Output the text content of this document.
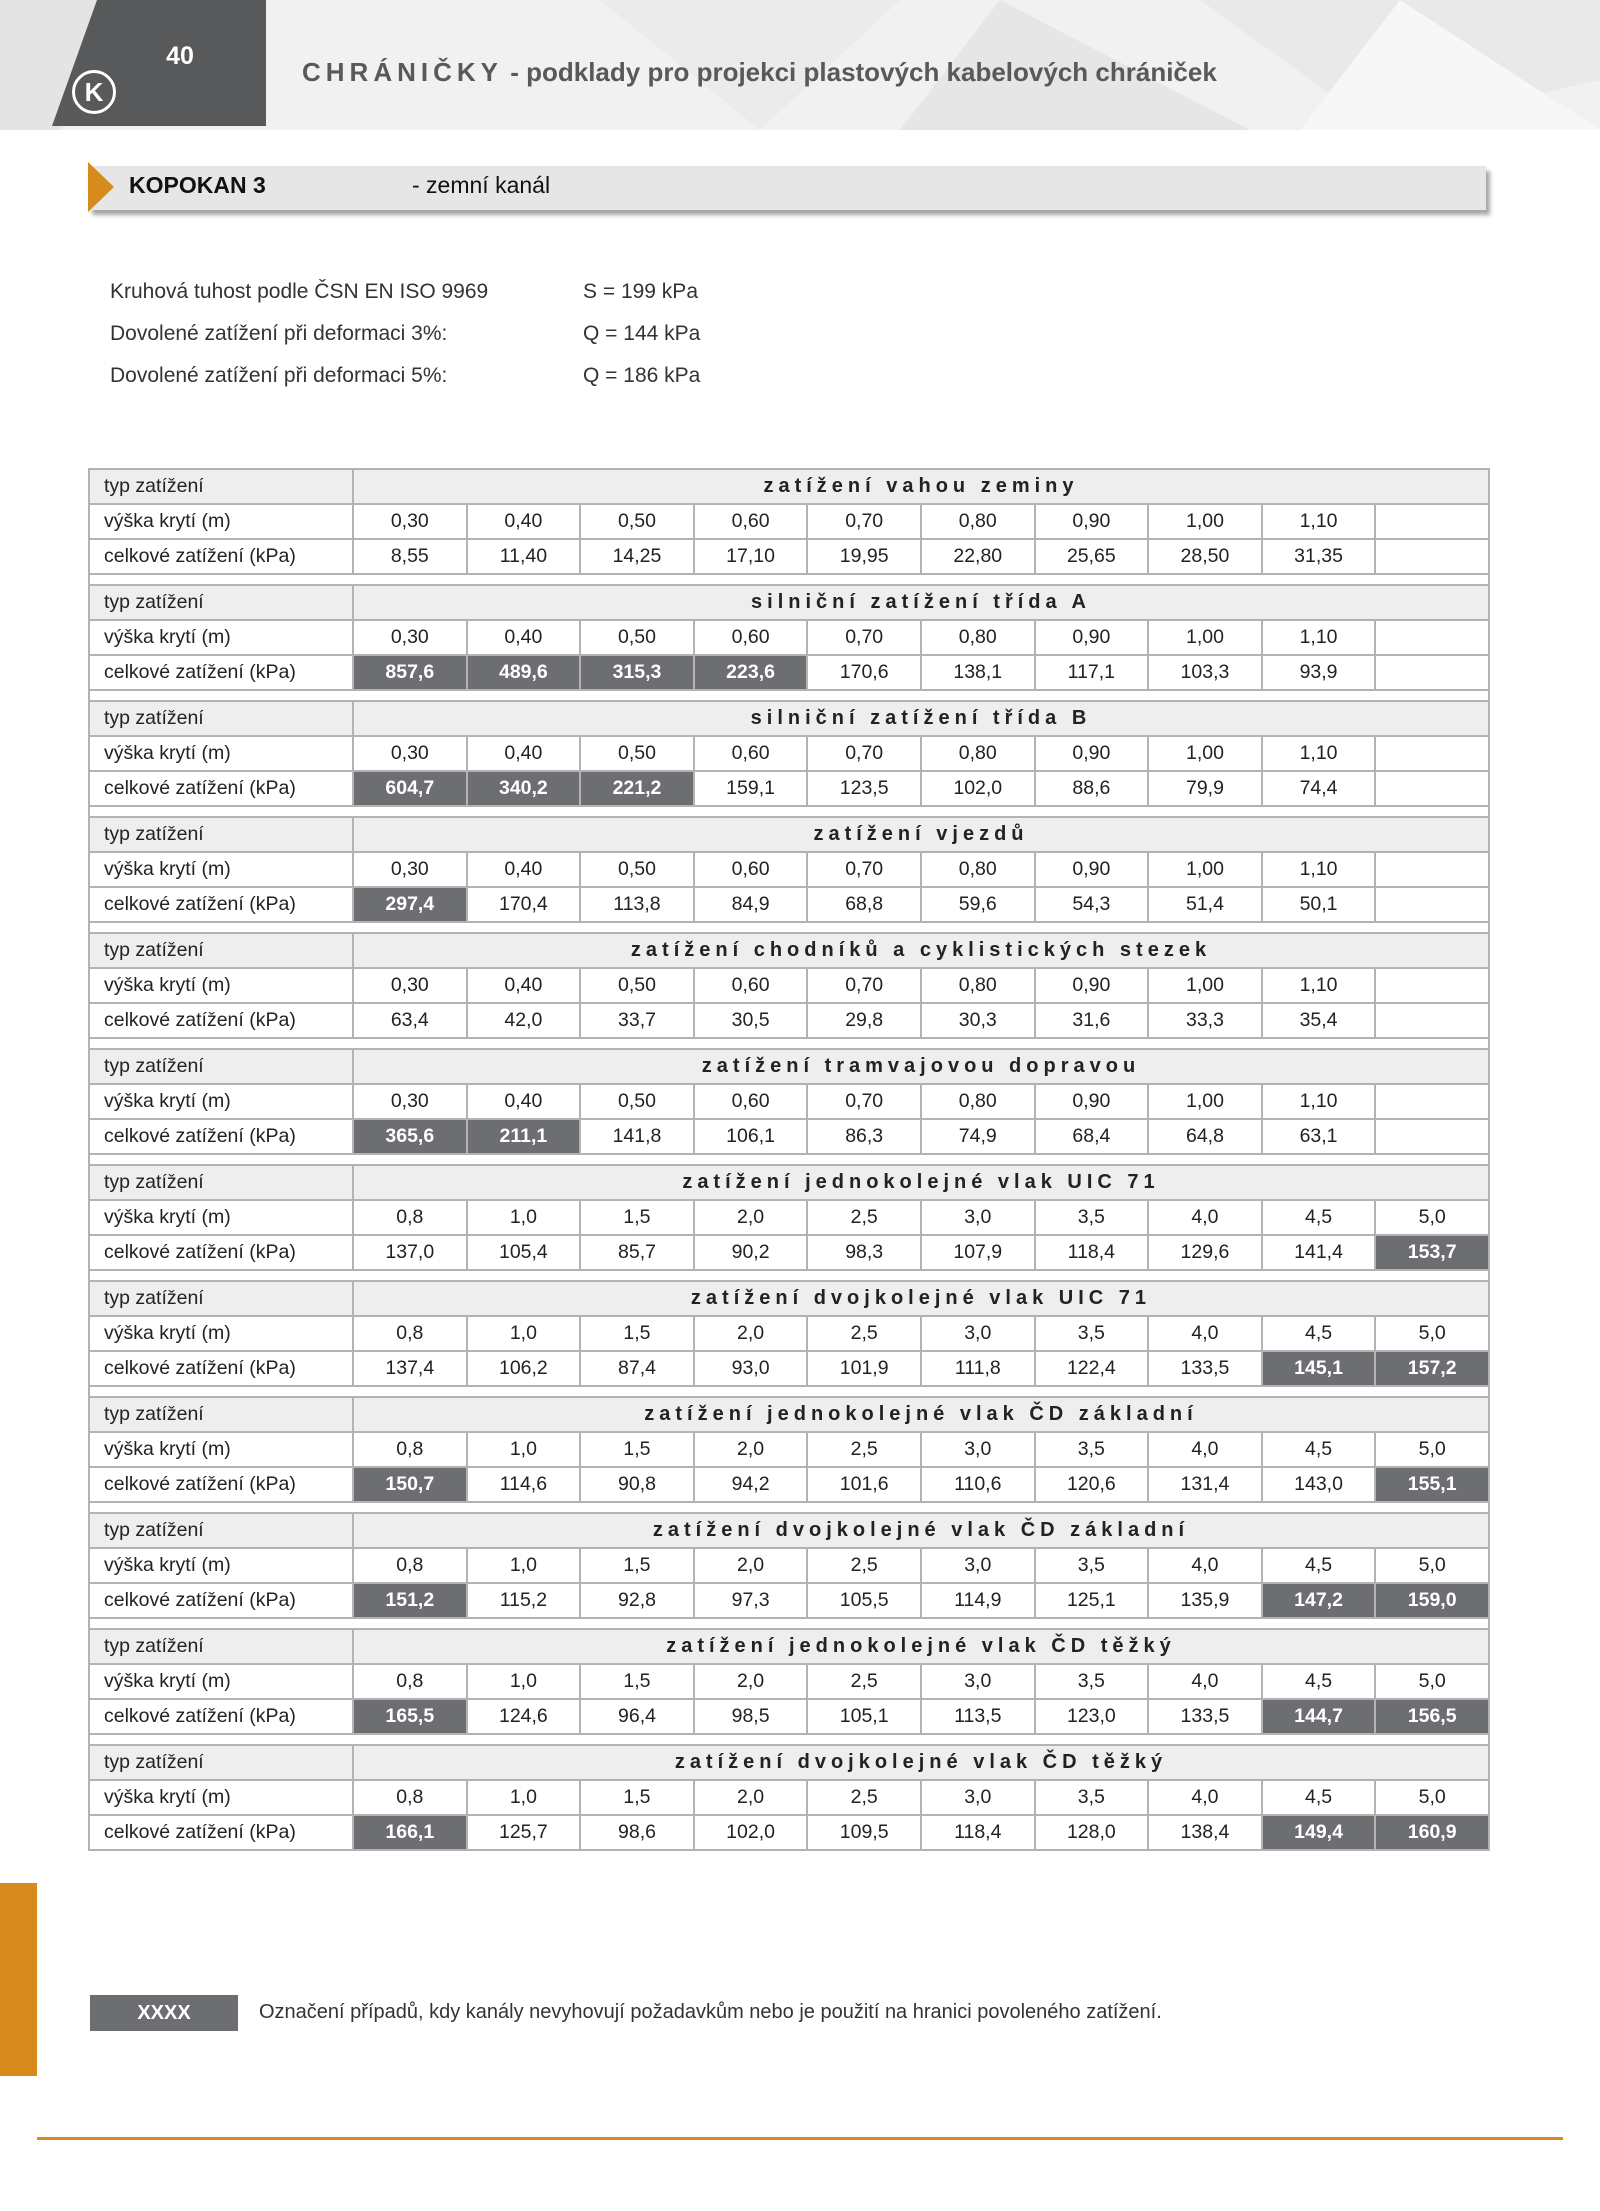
40
K
CHRÁNIČKY - podklady pro projekci plastových kabelových chrániček
KOPOKAN 3	- zemní kanál
Kruhová tuhost podle ČSN EN ISO 9969	S = 199 kPa
Dovolené zatížení při deformaci 3%:	Q = 144 kPa
Dovolené zatížení při deformaci 5%:	Q = 186 kPa
typ zatížení	zatížení vahou zeminy									
výška krytí (m)	0,30	0,40	0,50	0,60	0,70	0,80	0,90	1,00	1,10	
celkové zatížení (kPa)	8,55	11,40	14,25	17,10	19,95	22,80	25,65	28,50	31,35	

typ zatížení	silniční zatížení třída A									
výška krytí (m)	0,30	0,40	0,50	0,60	0,70	0,80	0,90	1,00	1,10	
celkové zatížení (kPa)	857,6	489,6	315,3	223,6	170,6	138,1	117,1	103,3	93,9	

typ zatížení	silniční zatížení třída B									
výška krytí (m)	0,30	0,40	0,50	0,60	0,70	0,80	0,90	1,00	1,10	
celkové zatížení (kPa)	604,7	340,2	221,2	159,1	123,5	102,0	88,6	79,9	74,4	

typ zatížení	zatížení vjezdů									
výška krytí (m)	0,30	0,40	0,50	0,60	0,70	0,80	0,90	1,00	1,10	
celkové zatížení (kPa)	297,4	170,4	113,8	84,9	68,8	59,6	54,3	51,4	50,1	

typ zatížení	zatížení chodníků a cyklistických stezek									
výška krytí (m)	0,30	0,40	0,50	0,60	0,70	0,80	0,90	1,00	1,10	
celkové zatížení (kPa)	63,4	42,0	33,7	30,5	29,8	30,3	31,6	33,3	35,4	

typ zatížení	zatížení tramvajovou dopravou									
výška krytí (m)	0,30	0,40	0,50	0,60	0,70	0,80	0,90	1,00	1,10	
celkové zatížení (kPa)	365,6	211,1	141,8	106,1	86,3	74,9	68,4	64,8	63,1	

typ zatížení	zatížení jednokolejné vlak UIC 71									
výška krytí (m)	0,8	1,0	1,5	2,0	2,5	3,0	3,5	4,0	4,5	5,0
celkové zatížení (kPa)	137,0	105,4	85,7	90,2	98,3	107,9	118,4	129,6	141,4	153,7

typ zatížení	zatížení dvojkolejné vlak UIC 71									
výška krytí (m)	0,8	1,0	1,5	2,0	2,5	3,0	3,5	4,0	4,5	5,0
celkové zatížení (kPa)	137,4	106,2	87,4	93,0	101,9	111,8	122,4	133,5	145,1	157,2

typ zatížení	zatížení jednokolejné vlak ČD základní									
výška krytí (m)	0,8	1,0	1,5	2,0	2,5	3,0	3,5	4,0	4,5	5,0
celkové zatížení (kPa)	150,7	114,6	90,8	94,2	101,6	110,6	120,6	131,4	143,0	155,1

typ zatížení	zatížení dvojkolejné vlak ČD základní									
výška krytí (m)	0,8	1,0	1,5	2,0	2,5	3,0	3,5	4,0	4,5	5,0
celkové zatížení (kPa)	151,2	115,2	92,8	97,3	105,5	114,9	125,1	135,9	147,2	159,0

typ zatížení	zatížení jednokolejné vlak ČD těžký									
výška krytí (m)	0,8	1,0	1,5	2,0	2,5	3,0	3,5	4,0	4,5	5,0
celkové zatížení (kPa)	165,5	124,6	96,4	98,5	105,1	113,5	123,0	133,5	144,7	156,5

typ zatížení	zatížení dvojkolejné vlak ČD těžký									
výška krytí (m)	0,8	1,0	1,5	2,0	2,5	3,0	3,5	4,0	4,5	5,0
celkové zatížení (kPa)	166,1	125,7	98,6	102,0	109,5	118,4	128,0	138,4	149,4	160,9
XXXX	Označení případů, kdy kanály nevyhovují požadavkům nebo je použití na hranici povoleného zatížení.
